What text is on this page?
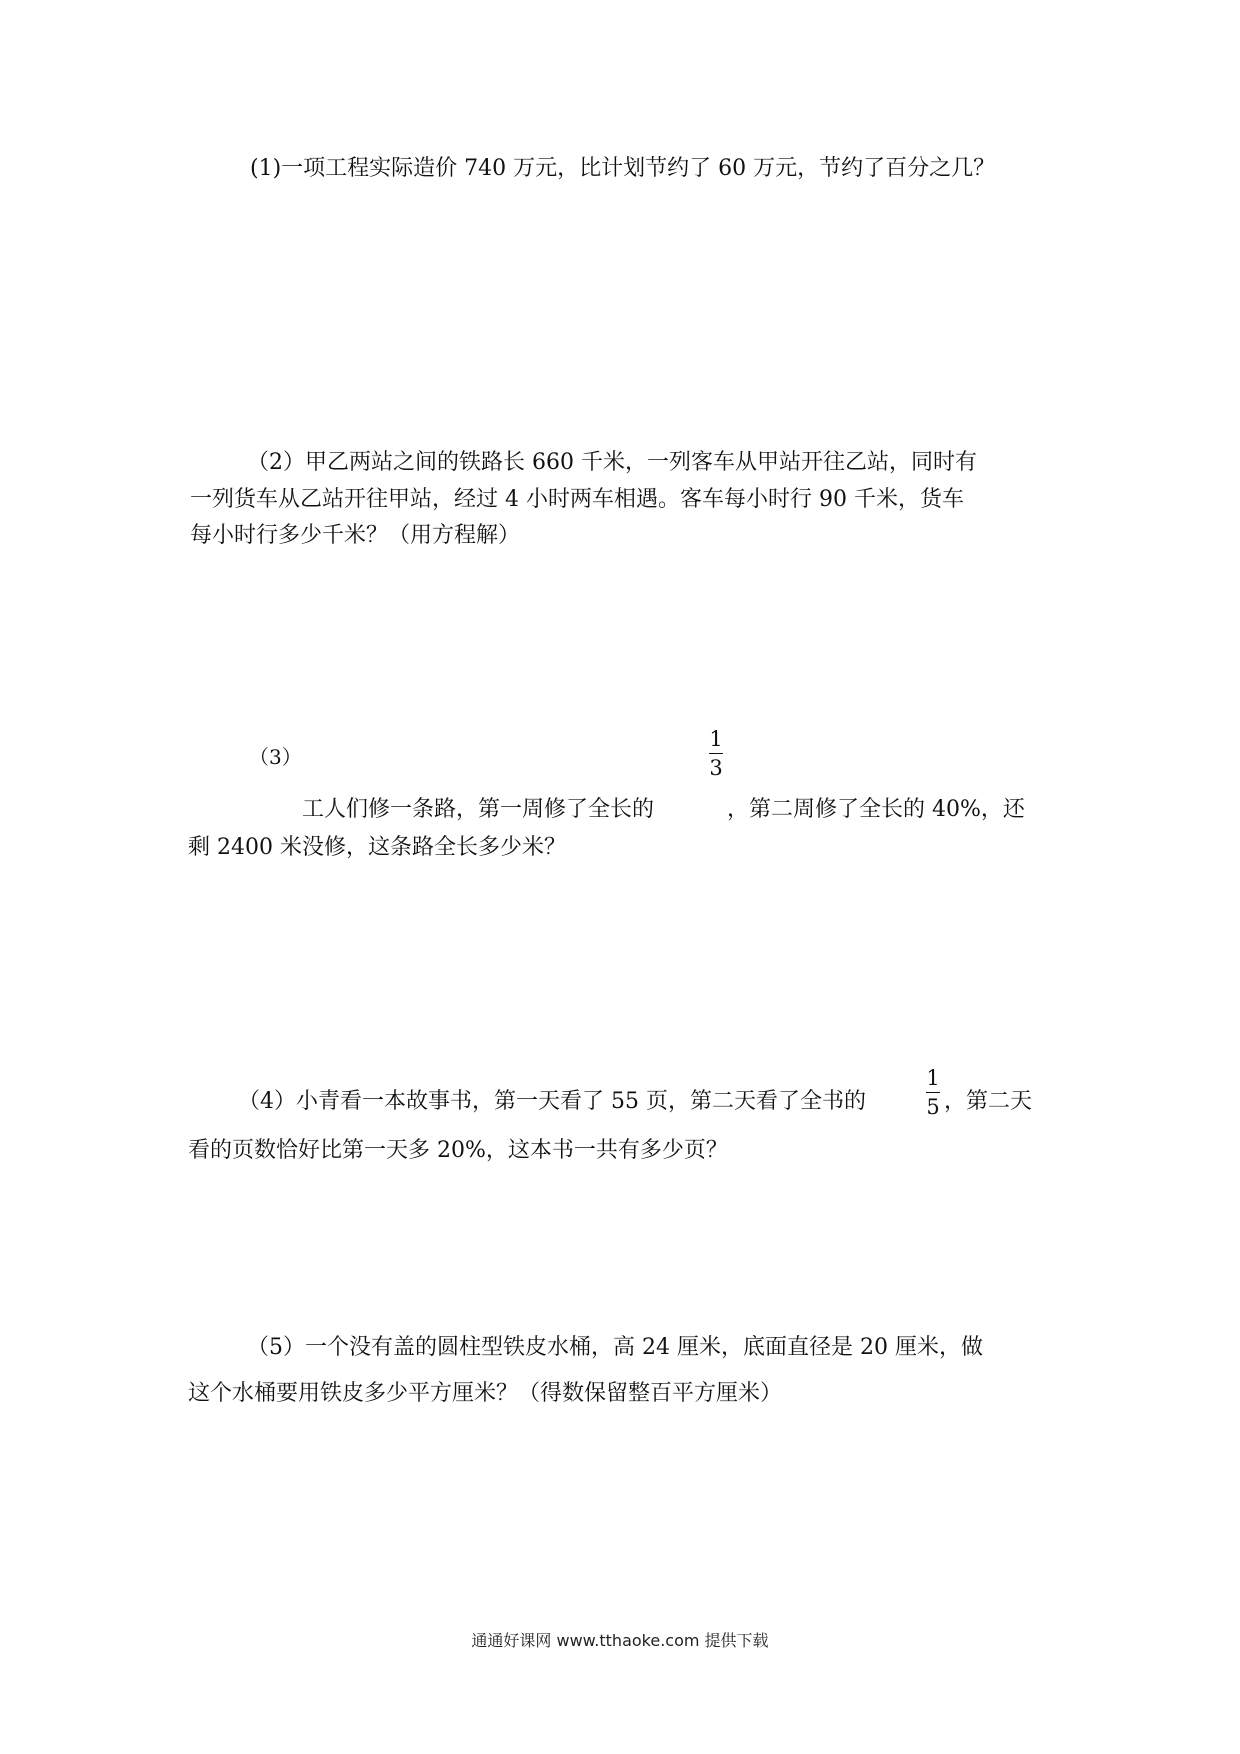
(1)一项工程实际造价 740 万元，比计划节约了 60 万元，节约了百分之几？
（2）甲乙两站之间的铁路长 660 千米，一列客车从甲站开往乙站，同时有
一列货车从乙站开往甲站，经过 4 小时两车相遇。客车每小时行 90 千米，货车
每小时行多少千米？（用方程解）
（3）
工人们修一条路，第一周修了全长的
1
3
，第二周修了全长的 40%，还
剩 2400 米没修，这条路全长多少米？
（4）小青看一本故事书，第一天看了 55 页，第二天看了全书的
1
5 ，第二天
看的页数恰好比第一天多 20%，这本书一共有多少页？
（5）一个没有盖的圆柱型铁皮水桶，高 24 厘米，底面直径是 20 厘米，做
这个水桶要用铁皮多少平方厘米？（得数保留整百平方厘米）
通通好课网 www.tthaoke.com 提供下载
